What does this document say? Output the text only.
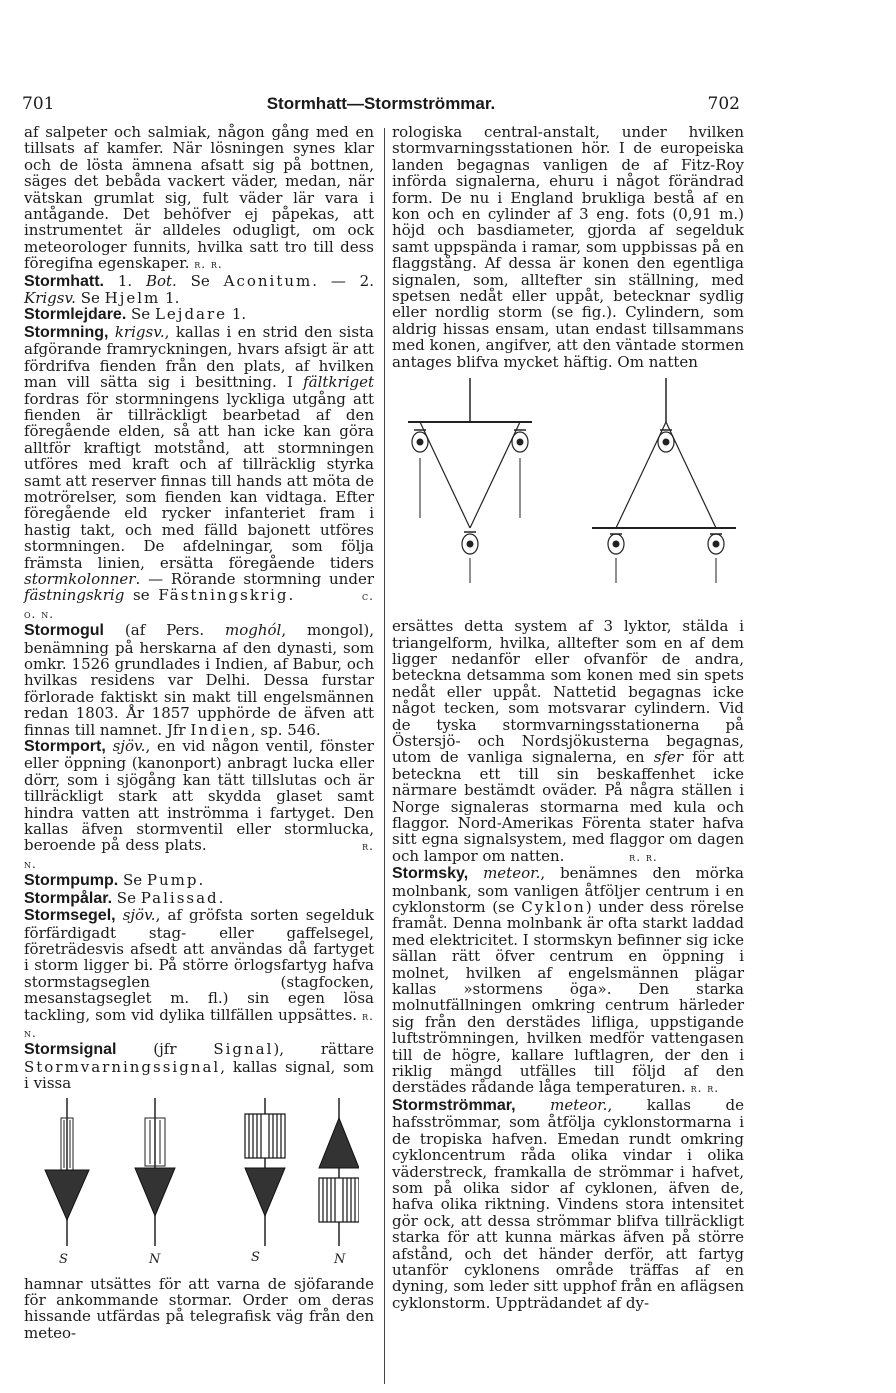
701	Stormhatt—Stormströmmar.	702

af salpeter och salmiak, någon gång med en tillsats af kamfer. När lösningen synes klar och de lösta ämnena afsatt sig på bottnen, säges det bebåda vackert väder, medan, när vätskan grumlat sig, fult väder lär vara i antågande. Det behöfver ej påpekas, att instrumentet är alldeles odugligt, om ock meteorologer funnits, hvilka satt tro till dess föregifna egenskaper. r. r.

Stormhatt. 1. Bot. Se Aconitum. — 2. Krigsv. Se Hjelm 1.

Stormlejdare. Se Lejdare 1.

Stormning, krigsv., kallas i en strid den sista afgörande framryckningen, hvars afsigt är att fördrifva fienden från den plats, af hvilken man vill sätta sig i besittning. I fältkriget fordras för stormningens lyckliga utgång att fienden är tillräckligt bearbetad af den föregående elden, så att han icke kan göra alltför kraftigt motstånd, att stormningen utföres med kraft och af tillräcklig styrka samt att reserver finnas till hands att möta de motrörelser, som fienden kan vidtaga. Efter föregående eld rycker infanteriet fram i hastig takt, och med fälld bajonett utföres stormningen. De afdelningar, som följa främsta linien, ersätta föregående tiders stormkolonner. — Rörande stormning under fästningskrig se Fästningskrig.	c. o. n.

Stormogul (af Pers. moghól, mongol), benämning på herskarna af den dynasti, som omkr. 1526 grundlades i Indien, af Babur, och hvilkas residens var Delhi. Dessa furstar förlorade faktiskt sin makt till engelsmännen redan 1803. År 1857 upphörde de äfven att finnas till namnet. Jfr Indien, sp. 546.

Stormport, sjöv., en vid någon ventil, fönster eller öppning (kanonport) anbragt lucka eller dörr, som i sjögång kan tätt tillslutas och är tillräckligt stark att skydda glaset samt hindra vatten att inströmma i fartyget. Den kallas äfven stormventil eller stormlucka, beroende på dess plats.	r. n.

Stormpump. Se Pump.

Stormpålar. Se Palissad.

Stormsegel, sjöv., af gröfsta sorten segelduk förfärdigadt stag- eller gaffelsegel, företrädesvis afsedt att användas då fartyget i storm ligger bi. På större örlogsfartyg hafva stormstagseglen (stagfocken, mesanstagseglet m. fl.) sin egen lösa tackling, som vid dylika tillfällen uppsättes. r. n.

Stormsignal (jfr Signal), rättare Stormvarningssignal, kallas signal, som i vissa

S	N	S	N

hamnar utsättes för att varna de sjöfarande för ankommande stormar. Order om deras hissande utfärdas på telegrafisk väg från den meteo-

rologiska central-anstalt, under hvilken stormvarningsstationen hör. I de europeiska landen begagnas vanligen de af Fitz-Roy införda signalerna, ehuru i något förändrad form. De nu i England brukliga bestå af en kon och en cylinder af 3 eng. fots (0,91 m.) höjd och basdiameter, gjorda af segelduk samt uppspända i ramar, som uppbissas på en flaggstång. Af dessa är konen den egentliga signalen, som, alltefter sin ställning, med spetsen nedåt eller uppåt, betecknar sydlig eller nordlig storm (se fig.). Cylindern, som aldrig hissas ensam, utan endast tillsammans med konen, angifver, att den väntade stormen antages blifva mycket häftig. Om natten

ersättes detta system af 3 lyktor, stälda i triangelform, hvilka, alltefter som en af dem ligger nedanför eller ofvanför de andra, beteckna detsamma som konen med sin spets nedåt eller uppåt. Nattetid begagnas icke något tecken, som motsvarar cylindern. Vid de tyska stormvarningsstationerna på Östersjö- och Nordsjökusterna begagnas, utom de vanliga signalerna, en sfer för att beteckna ett till sin beskaffenhet icke närmare bestämdt oväder. På några ställen i Norge signaleras stormarna med kula och flaggor. Nord-Amerikas Förenta stater hafva sitt egna signalsystem, med flaggor om dagen och lampor om natten.	r. r.

Stormsky, meteor., benämnes den mörka molnbank, som vanligen åtföljer centrum i en cyklonstorm (se Cyklon) under dess rörelse framåt. Denna molnbank är ofta starkt laddad med elektricitet. I stormskyn befinner sig icke sällan rätt öfver centrum en öppning i molnet, hvilken af engelsmännen plägar kallas »stormens öga». Den starka molnutfällningen omkring centrum härleder sig från den derstädes lifliga, uppstigande luftströmningen, hvilken medför vattengasen till de högre, kallare luftlagren, der den i riklig mängd utfälles till följd af den derstädes rådande låga temperaturen. r. r.

Stormströmmar, meteor., kallas de hafsströmmar, som åtfölja cyklonstormarna i de tropiska hafven. Emedan rundt omkring cykloncentrum råda olika vindar i olika väderstreck, framkalla de strömmar i hafvet, som på olika sidor af cyklonen, äfven de, hafva olika riktning. Vindens stora intensitet gör ock, att dessa strömmar blifva tillräckligt starka för att kunna märkas äfven på större afstånd, och det händer derför, att fartyg utanför cyklonens område träffas af en dyning, som leder sitt upphof från en aflägsen cyklonstorm. Uppträdandet af dy-
